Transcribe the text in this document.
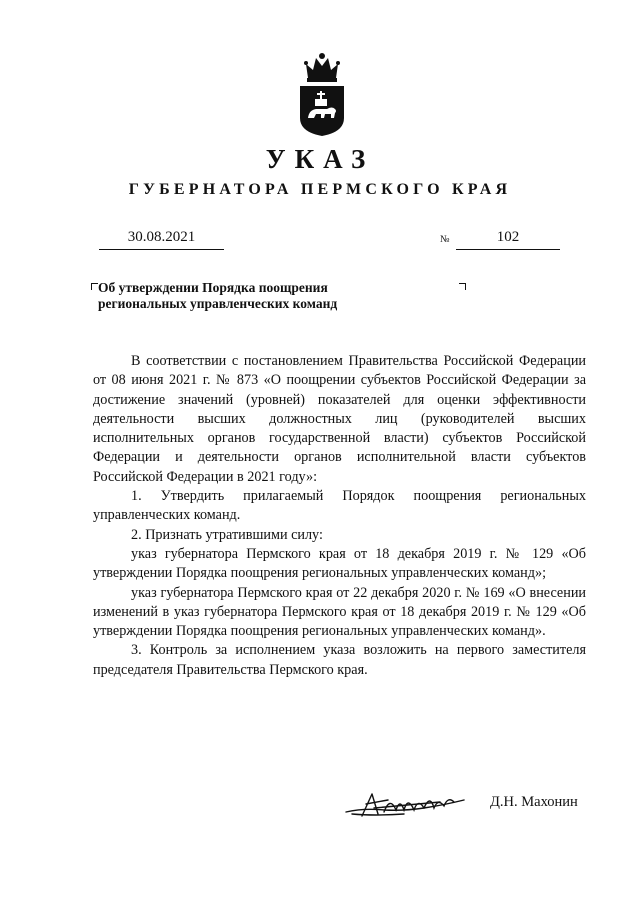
УКАЗ
ГУБЕРНАТОРА ПЕРМСКОГО КРАЯ
30.08.2021	№	102
Об утверждении Порядка поощрения
региональных управленческих команд

В соответствии с постановлением Правительства Российской Федерации от 08 июня 2021 г. № 873 «О поощрении субъектов Российской Федерации за достижение значений (уровней) показателей для оценки эффективности деятельности высших должностных лиц (руководителей высших исполнительных органов государственной власти) субъектов Российской Федерации и деятельности органов исполнительной власти субъектов Российской Федерации в 2021 году»:

1. Утвердить прилагаемый Порядок поощрения региональных управленческих команд.

2. Признать утратившими силу:

указ губернатора Пермского края от 18 декабря 2019 г. № 129 «Об утверждении Порядка поощрения региональных управленческих команд»;

указ губернатора Пермского края от 22 декабря 2020 г. № 169 «О внесении изменений в указ губернатора Пермского края от 18 декабря 2019 г. № 129 «Об утверждении Порядка поощрения региональных управленческих команд».

3. Контроль за исполнением указа возложить на первого заместителя председателя Правительства Пермского края.

Д.Н. Махонин
